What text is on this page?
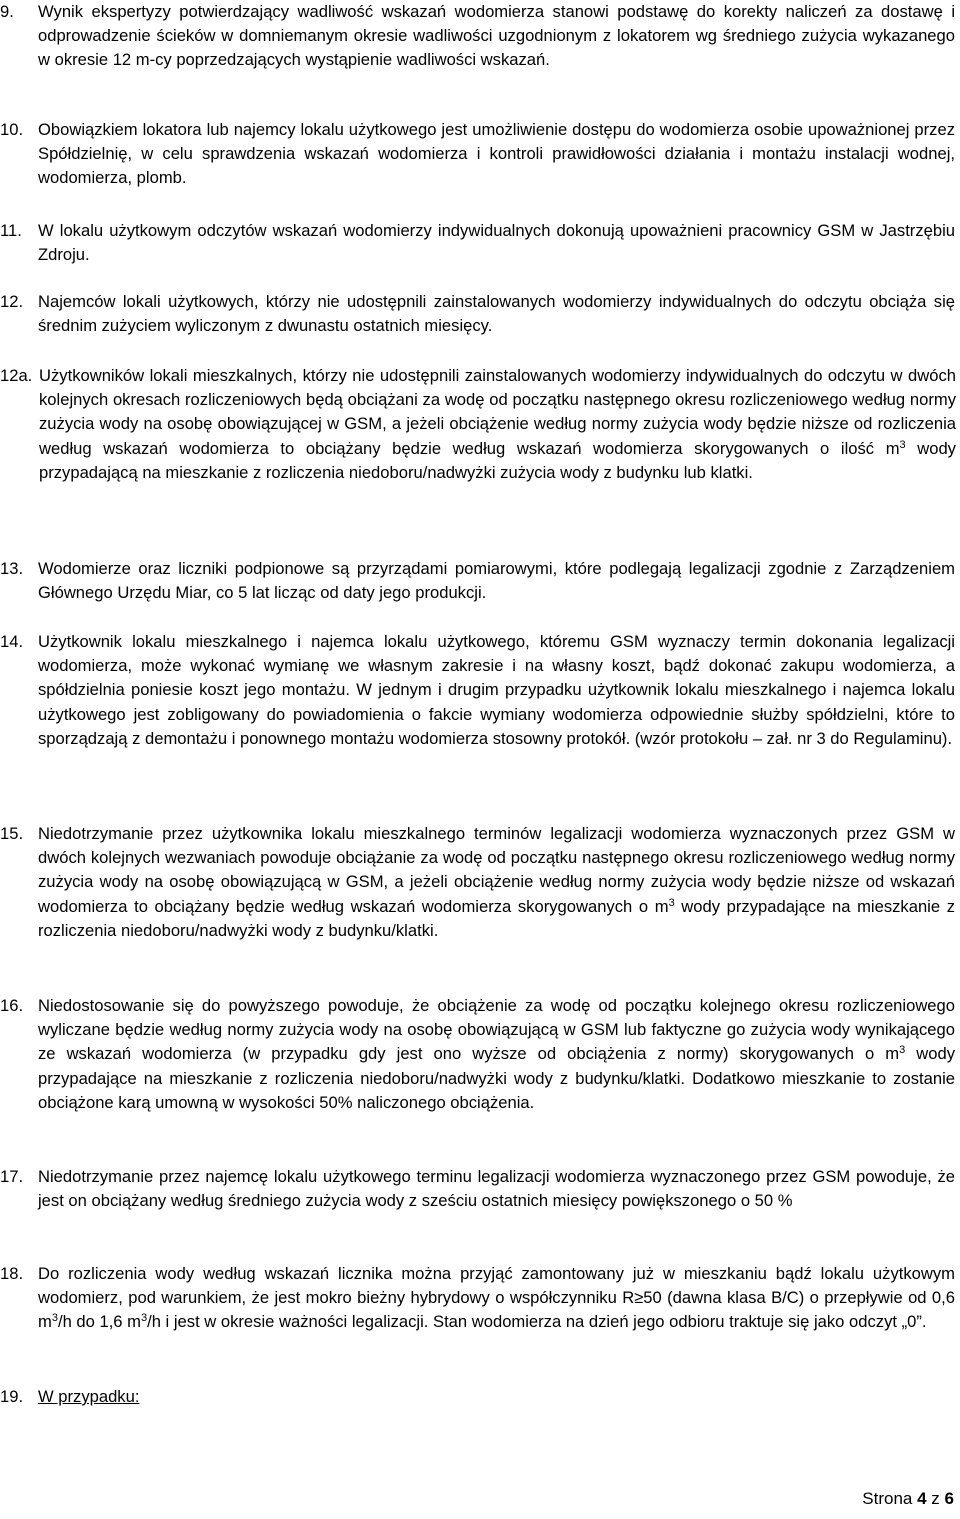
9. Wynik ekspertyzy potwierdzający wadliwość wskazań wodomierza stanowi podstawę do korekty naliczeń za dostawę i odprowadzenie ścieków w domniemanym okresie wadliwości uzgodnionym z lokatorem wg średniego zużycia wykazanego w okresie 12 m-cy poprzedzających wystąpienie wadliwości wskazań.
10. Obowiązkiem lokatora lub najemcy lokalu użytkowego jest umożliwienie dostępu do wodomierza osobie upoważnionej przez Spółdzielnię, w celu sprawdzenia wskazań wodomierza i kontroli prawidłowości działania i montażu instalacji wodnej, wodomierza, plomb.
11. W lokalu użytkowym odczytów wskazań wodomierzy indywidualnych dokonują upoważnieni pracownicy GSM w Jastrzębiu Zdroju.
12. Najemców lokali użytkowych, którzy nie udostępnili zainstalowanych wodomierzy indywidualnych do odczytu obciąża się średnim zużyciem wyliczonym z dwunastu ostatnich miesięcy.
12a. Użytkowników lokali mieszkalnych, którzy nie udostępnili zainstalowanych wodomierzy indywidualnych do odczytu w dwóch kolejnych okresach rozliczeniowych będą obciążani za wodę od początku następnego okresu rozliczeniowego według normy zużycia wody na osobę obowiązującej w GSM, a jeżeli obciążenie według normy zużycia wody będzie niższe od rozliczenia według wskazań wodomierza to obciążany będzie według wskazań wodomierza skorygowanych o ilość $m^3$ wody przypadającą na mieszkanie z rozliczenia niedoboru/nadwyżki zużycia wody z budynku lub klatki.
13. Wodomierze oraz liczniki podpionowe są przyrządami pomiarowymi, które podlegają legalizacji zgodnie z Zarządzeniem Głównego Urzędu Miar, co 5 lat licząc od daty jego produkcji.
14. Użytkownik lokalu mieszkalnego i najemca lokalu użytkowego, któremu GSM wyznaczy termin dokonania legalizacji wodomierza, może wykonać wymianę we własnym zakresie i na własny koszt, bądź dokonać zakupu wodomierza, a spółdzielnia poniesie koszt jego montażu. W jednym i drugim przypadku użytkownik lokalu mieszkalnego i najemca lokalu użytkowego jest zobligowany do powiadomienia o fakcie wymiany wodomierza odpowiednie służby spółdzielni, które to sporządzają z demontażu i ponownego montażu wodomierza stosowny protokół. (wzór protokołu – zał. nr 3 do Regulaminu).
15. Niedotrzymanie przez użytkownika lokalu mieszkalnego terminów legalizacji wodomierza wyznaczonych przez GSM w dwóch kolejnych wezwaniach powoduje obciążanie za wodę od początku następnego okresu rozliczeniowego według normy zużycia wody na osobę obowiązującą w GSM, a jeżeli obciążenie według normy zużycia wody będzie niższe od wskazań wodomierza to obciążany będzie według wskazań wodomierza skorygowanych o $m^3$ wody przypadające na mieszkanie z rozliczenia niedoboru/nadwyżki wody z budynku/klatki.
16. Niedostosowanie się do powyższego powoduje, że obciążenie za wodę od początku kolejnego okresu rozliczeniowego wyliczane będzie według normy zużycia wody na osobę obowiązującą w GSM lub faktyczne go zużycia wody wynikającego ze wskazań wodomierza (w przypadku gdy jest ono wyższe od obciążenia z normy) skorygowanych o $m^3$ wody przypadające na mieszkanie z rozliczenia niedoboru/nadwyżki wody z budynku/klatki. Dodatkowo mieszkanie to zostanie obciążone karą umowną w wysokości 50% naliczonego obciążenia.
17. Niedotrzymanie przez najemcę lokalu użytkowego terminu legalizacji wodomierza wyznaczonego przez GSM powoduje, że jest on obciążany według średniego zużycia wody z sześciu ostatnich miesięcy powiększonego o 50 %
18. Do rozliczenia wody według wskazań licznika można przyjąć zamontowany już w mieszkaniu bądź lokalu użytkowym wodomierz, pod warunkiem, że jest mokro bieżny hybrydowy o współczynniku R≥50 (dawna klasa B/C) o przepływie od 0,6 $m^3/h$ do 1,6 $m^3/h$ i jest w okresie ważności legalizacji. Stan wodomierza na dzień jego odbioru traktuje się jako odczyt „0”.
19. W przypadku:
Strona 4 z 6
